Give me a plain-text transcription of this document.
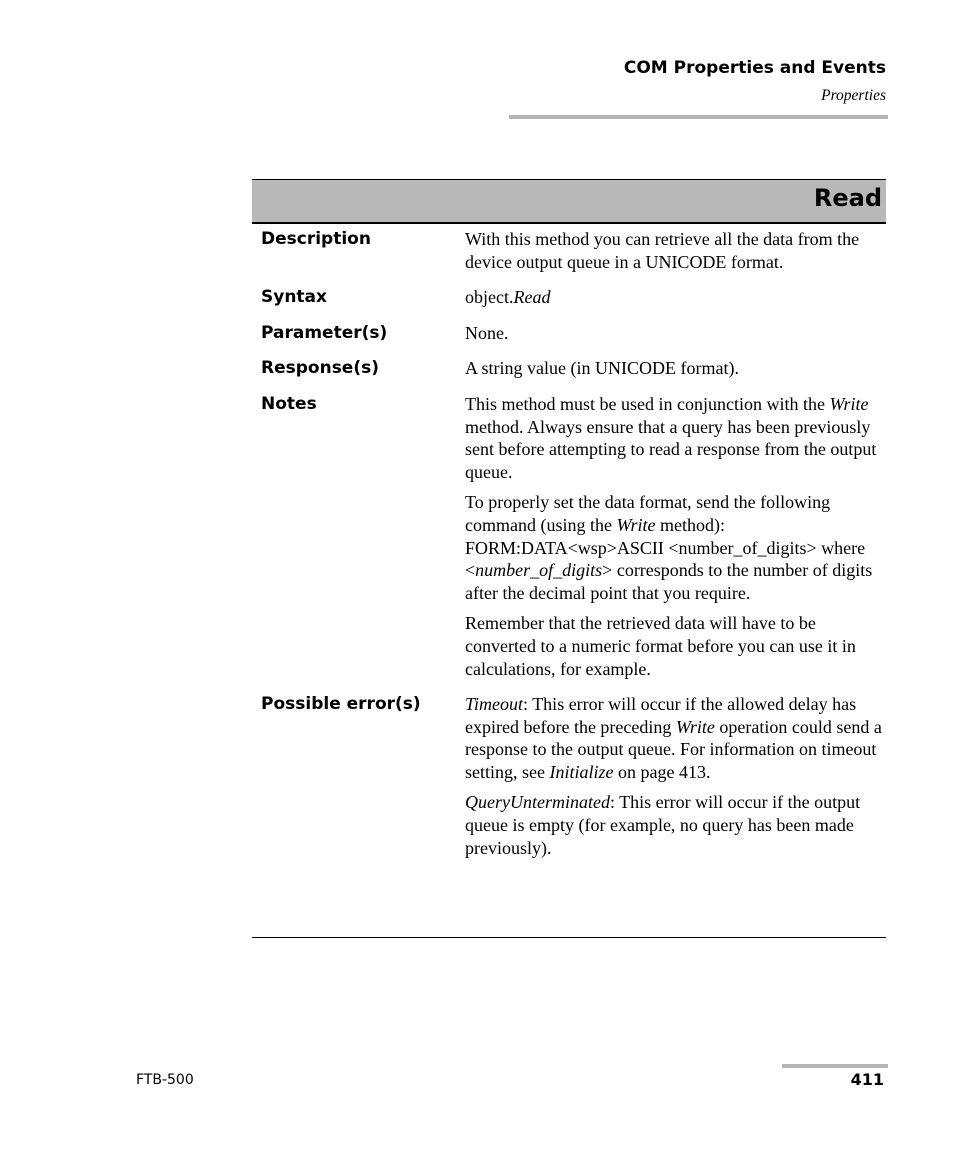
COM Properties and Events
Properties
Read
Description	With this method you can retrieve all the data from the device output queue in a UNICODE format.
Syntax	object.Read
Parameter(s)	None.
Response(s)	A string value (in UNICODE format).
Notes	This method must be used in conjunction with the Write method. Always ensure that a query has been previously sent before attempting to read a response from the output queue.

To properly set the data format, send the following command (using the Write method): FORM:DATA<wsp>ASCII <number_of_digits> where <number_of_digits> corresponds to the number of digits after the decimal point that you require.

Remember that the retrieved data will have to be converted to a numeric format before you can use it in calculations, for example.

Possible error(s)	Timeout: This error will occur if the allowed delay has expired before the preceding Write operation could send a response to the output queue. For information on timeout setting, see Initialize on page 413.

QueryUnterminated: This error will occur if the output queue is empty (for example, no query has been made previously).

FTB-500	411
